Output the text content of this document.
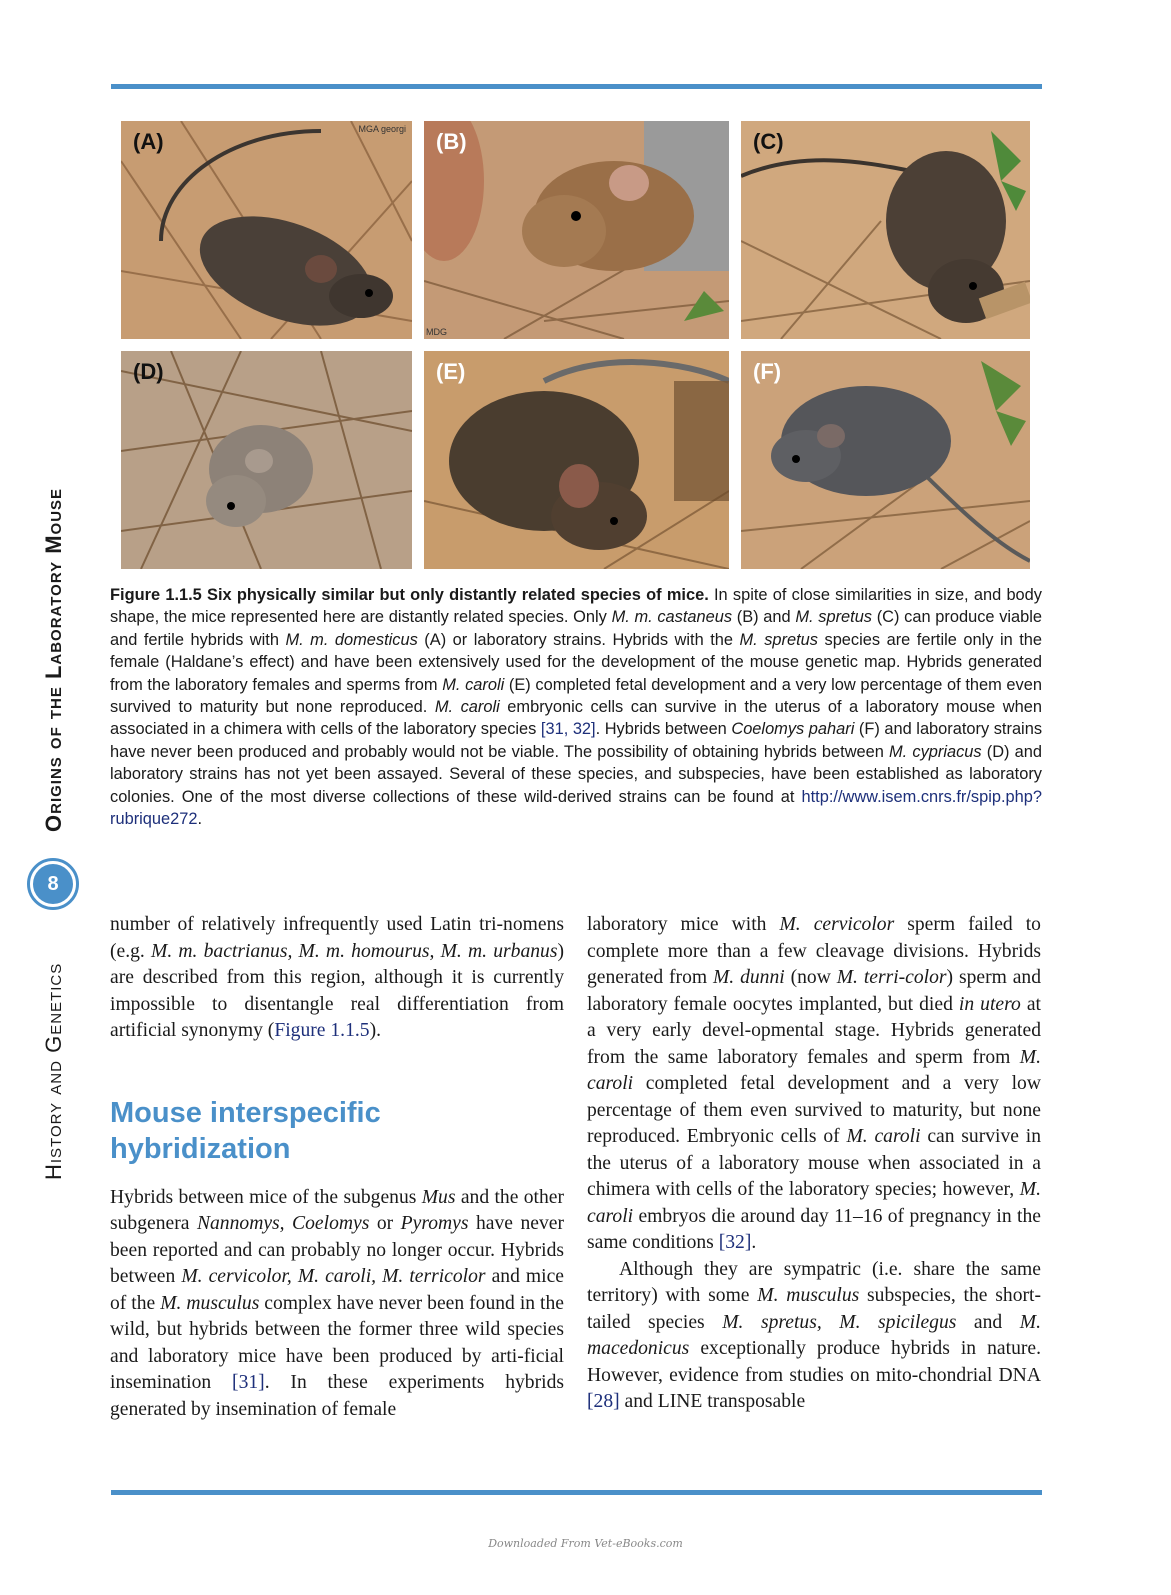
History and Genetics
Origins of the Laboratory Mouse
8
(A)	MGA georgi (B)
MDG
(C)
(D)	(E)	(F)
Figure 1.1.5 Six physically similar but only distantly related species of mice. In spite of close similarities in size, and body shape, the mice represented here are distantly related species. Only M. m. castaneus (B) and M. spretus (C) can produce viable and fertile hybrids with M. m. domesticus (A) or laboratory strains. Hybrids with the M. spretus species are fertile only in the female (Haldane’s effect) and have been extensively used for the development of the mouse genetic map. Hybrids generated from the laboratory females and sperms from M. caroli (E) completed fetal development and a very low percentage of them even survived to maturity but none reproduced. M. caroli embryonic cells can survive in the uterus of a laboratory mouse when associated in a chimera with cells of the laboratory species [31, 32]. Hybrids between Coelomys pahari (F) and laboratory strains have never been produced and probably would not be viable. The possibility of obtaining hybrids between M. cypriacus (D) and laboratory strains has not yet been assayed. Several of these species, and subspecies, have been established as laboratory colonies. One of the most diverse collections of these wild-derived strains can be found at http://www.isem.cnrs.fr/spip.php?rubrique272.

number of relatively infrequently used Latin tri-nomens (e.g. M. m. bactrianus, M. m. homourus, M. m. urbanus) are described from this region, although it is currently impossible to disentangle real differentiation from artificial synonymy (Figure 1.1.5).

Mouse interspecific hybridization

Hybrids between mice of the subgenus Mus and the other subgenera Nannomys, Coelomys or Pyromys have never been reported and can probably no longer occur. Hybrids between M. cervicolor, M. caroli, M. terricolor and mice of the M. musculus complex have never been found in the wild, but hybrids between the former three wild species and laboratory mice have been produced by arti-ficial insemination [31]. In these experiments hybrids generated by insemination of female

laboratory mice with M. cervicolor sperm failed to complete more than a few cleavage divisions. Hybrids generated from M. dunni (now M. terri-color) sperm and laboratory female oocytes implanted, but died in utero at a very early devel-opmental stage. Hybrids generated from the same laboratory females and sperm from M. caroli completed fetal development and a very low percentage of them even survived to maturity, but none reproduced. Embryonic cells of M. caroli can survive in the uterus of a laboratory mouse when associated in a chimera with cells of the laboratory species; however, M. caroli embryos die around day 11–16 of pregnancy in the same conditions [32].

Although they are sympatric (i.e. share the same territory) with some M. musculus subspecies, the short-tailed species M. spretus, M. spicilegus and M. macedonicus exceptionally produce hybrids in nature. However, evidence from studies on mito-chondrial DNA [28] and LINE transposable

Downloaded From Vet-eBooks.com
